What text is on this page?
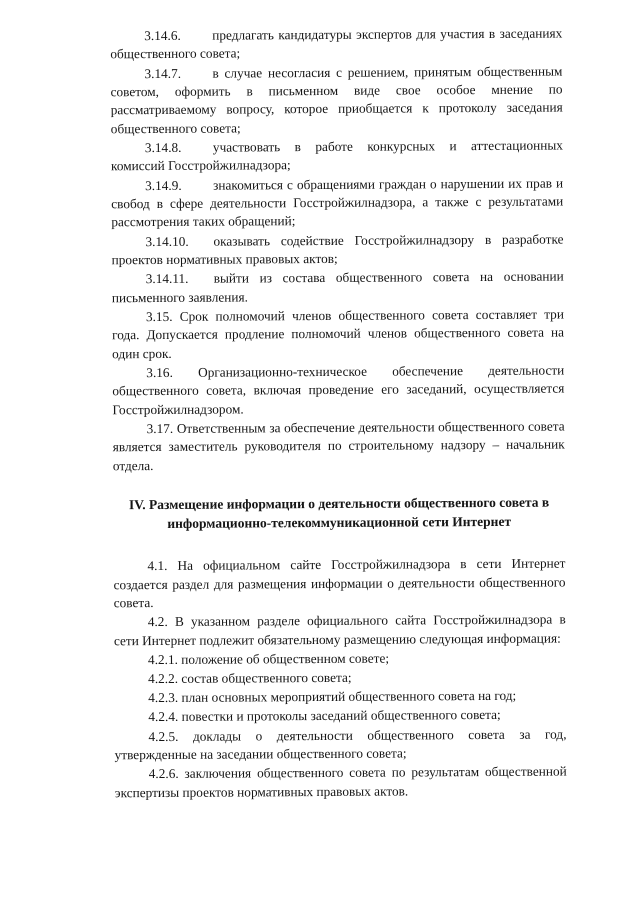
3.14.6. предлагать кандидатуры экспертов для участия в заседаниях общественного совета;

3.14.7. в случае несогласия с решением, принятым общественным советом, оформить в письменном виде свое особое мнение по рассматриваемому вопросу, которое приобщается к протоколу заседания общественного совета;

3.14.8. участвовать в работе конкурсных и аттестационных комиссий Госстройжилнадзора;

3.14.9. знакомиться с обращениями граждан о нарушении их прав и свобод в сфере деятельности Госстройжилнадзора, а также с результатами рассмотрения таких обращений;

3.14.10. оказывать содействие Госстройжилнадзору в разработке проектов нормативных правовых актов;

3.14.11. выйти из состава общественного совета на основании письменного заявления.

3.15. Срок полномочий членов общественного совета составляет три года. Допускается продление полномочий членов общественного совета на один срок.

3.16. Организационно-техническое обеспечение деятельности общественного совета, включая проведение его заседаний, осуществляется Госстройжилнадзором.

3.17. Ответственным за обеспечение деятельности общественного совета является заместитель руководителя по строительному надзору – начальник отдела.

IV. Размещение информации о деятельности общественного совета в
информационно-телекоммуникационной сети Интернет

4.1. На официальном сайте Госстройжилнадзора в сети Интернет создается раздел для размещения информации о деятельности общественного совета.

4.2. В указанном разделе официального сайта Госстройжилнадзора в сети Интернет подлежит обязательному размещению следующая информация:

4.2.1. положение об общественном совете;

4.2.2. состав общественного совета;

4.2.3. план основных мероприятий общественного совета на год;

4.2.4. повестки и протоколы заседаний общественного совета;

4.2.5. доклады о деятельности общественного совета за год, утвержденные на заседании общественного совета;

4.2.6. заключения общественного совета по результатам общественной экспертизы проектов нормативных правовых актов.
